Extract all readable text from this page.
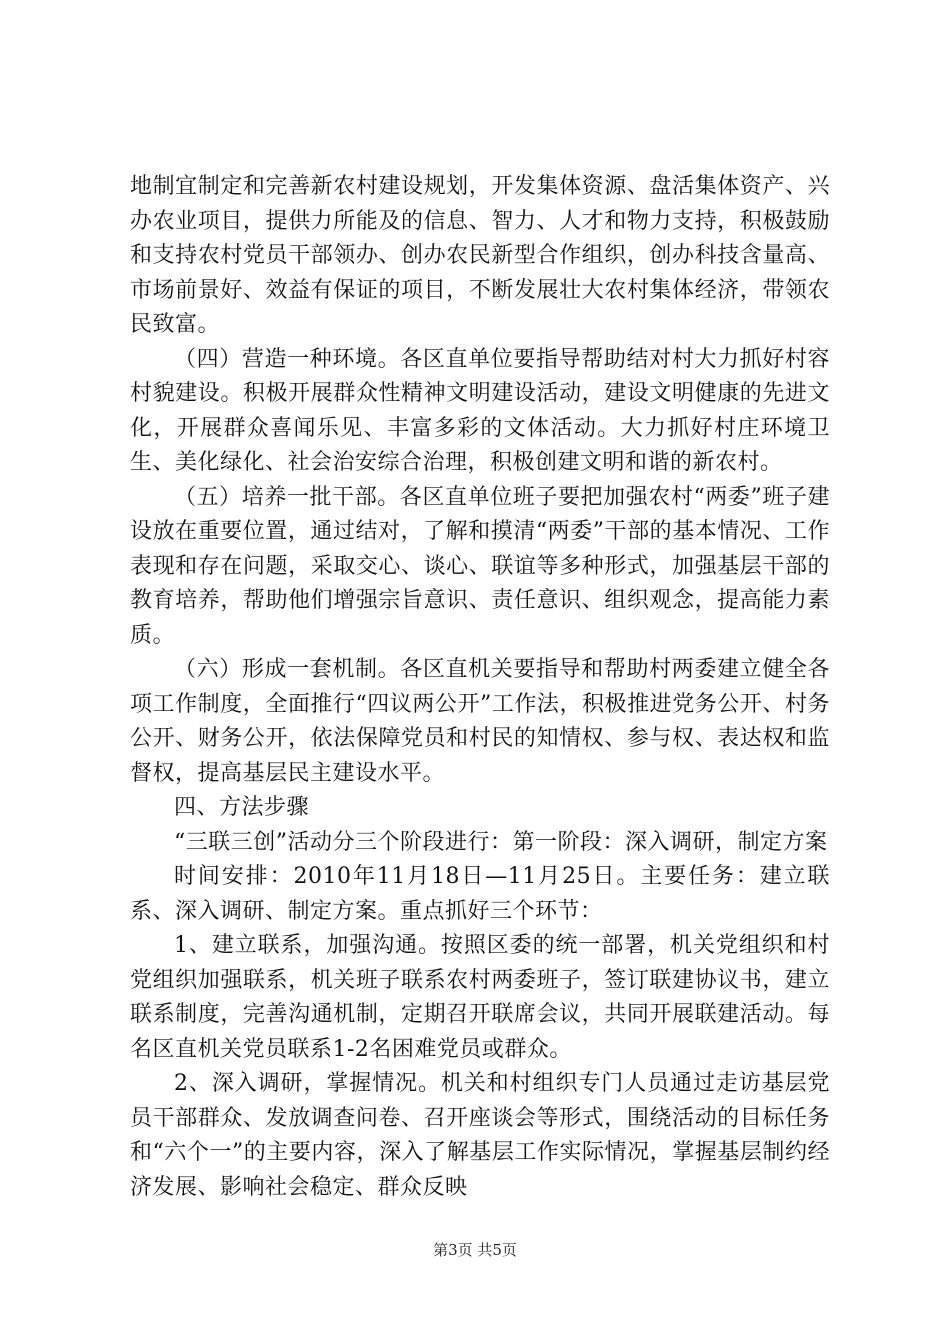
地制宜制定和完善新农村建设规划，开发集体资源、盘活集体资产、兴办农业项目，提供力所能及的信息、智力、人才和物力支持，积极鼓励和支持农村党员干部领办、创办农民新型合作组织，创办科技含量高、市场前景好、效益有保证的项目，不断发展壮大农村集体经济，带领农民致富。

（四）营造一种环境。各区直单位要指导帮助结对村大力抓好村容村貌建设。积极开展群众性精神文明建设活动，建设文明健康的先进文化，开展群众喜闻乐见、丰富多彩的文体活动。大力抓好村庄环境卫生、美化绿化、社会治安综合治理，积极创建文明和谐的新农村。

（五）培养一批干部。各区直单位班子要把加强农村“两委”班子建设放在重要位置，通过结对，了解和摸清“两委”干部的基本情况、工作表现和存在问题，采取交心、谈心、联谊等多种形式，加强基层干部的教育培养，帮助他们增强宗旨意识、责任意识、组织观念，提高能力素质。

（六）形成一套机制。各区直机关要指导和帮助村两委建立健全各项工作制度，全面推行“四议两公开”工作法，积极推进党务公开、村务公开、财务公开，依法保障党员和村民的知情权、参与权、表达权和监督权，提高基层民主建设水平。

四、方法步骤

“三联三创”活动分三个阶段进行：第一阶段：深入调研，制定方案

时间安排：2010年11月18日—11月25日。主要任务：建立联系、深入调研、制定方案。重点抓好三个环节：

1、建立联系，加强沟通。按照区委的统一部署，机关党组织和村党组织加强联系，机关班子联系农村两委班子，签订联建协议书，建立联系制度，完善沟通机制，定期召开联席会议，共同开展联建活动。每名区直机关党员联系1-2名困难党员或群众。

2、深入调研，掌握情况。机关和村组织专门人员通过走访基层党员干部群众、发放调查问卷、召开座谈会等形式，围绕活动的目标任务和“六个一”的主要内容，深入了解基层工作实际情况，掌握基层制约经济发展、影响社会稳定、群众反映

第3页 共5页
